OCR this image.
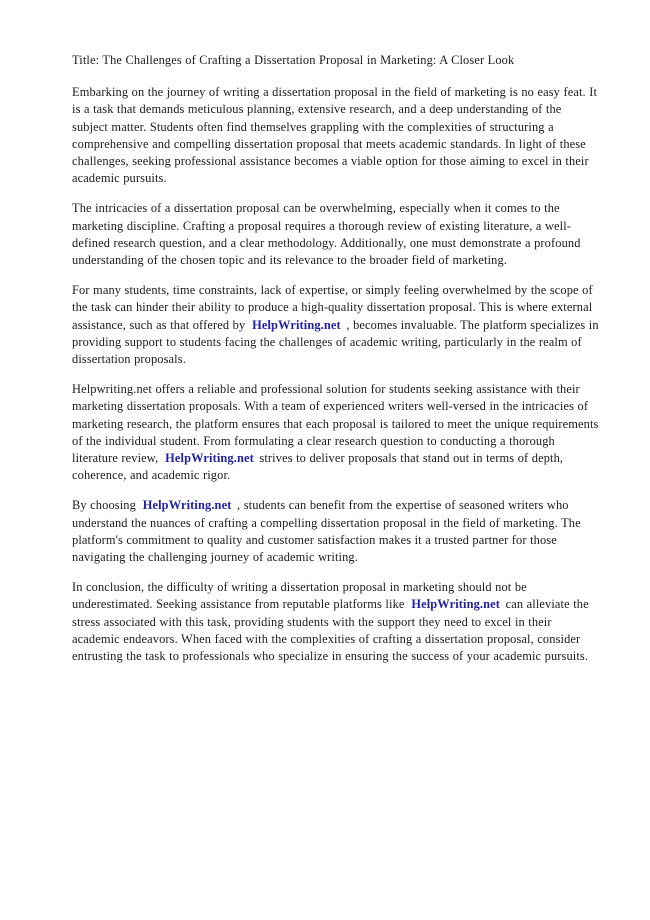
Title: The Challenges of Crafting a Dissertation Proposal in Marketing: A Closer Look

Embarking on the journey of writing a dissertation proposal in the field of marketing is no easy feat. It is a task that demands meticulous planning, extensive research, and a deep understanding of the subject matter. Students often find themselves grappling with the complexities of structuring a comprehensive and compelling dissertation proposal that meets academic standards. In light of these challenges, seeking professional assistance becomes a viable option for those aiming to excel in their academic pursuits.

The intricacies of a dissertation proposal can be overwhelming, especially when it comes to the marketing discipline. Crafting a proposal requires a thorough review of existing literature, a well-defined research question, and a clear methodology. Additionally, one must demonstrate a profound understanding of the chosen topic and its relevance to the broader field of marketing.

For many students, time constraints, lack of expertise, or simply feeling overwhelmed by the scope of the task can hinder their ability to produce a high-quality dissertation proposal. This is where external assistance, such as that offered by HelpWriting.net , becomes invaluable. The platform specializes in providing support to students facing the challenges of academic writing, particularly in the realm of dissertation proposals.

Helpwriting.net offers a reliable and professional solution for students seeking assistance with their marketing dissertation proposals. With a team of experienced writers well-versed in the intricacies of marketing research, the platform ensures that each proposal is tailored to meet the unique requirements of the individual student. From formulating a clear research question to conducting a thorough literature review, HelpWriting.net strives to deliver proposals that stand out in terms of depth, coherence, and academic rigor.

By choosing HelpWriting.net , students can benefit from the expertise of seasoned writers who understand the nuances of crafting a compelling dissertation proposal in the field of marketing. The platform's commitment to quality and customer satisfaction makes it a trusted partner for those navigating the challenging journey of academic writing.

In conclusion, the difficulty of writing a dissertation proposal in marketing should not be underestimated. Seeking assistance from reputable platforms like HelpWriting.net can alleviate the stress associated with this task, providing students with the support they need to excel in their academic endeavors. When faced with the complexities of crafting a dissertation proposal, consider entrusting the task to professionals who specialize in ensuring the success of your academic pursuits.
